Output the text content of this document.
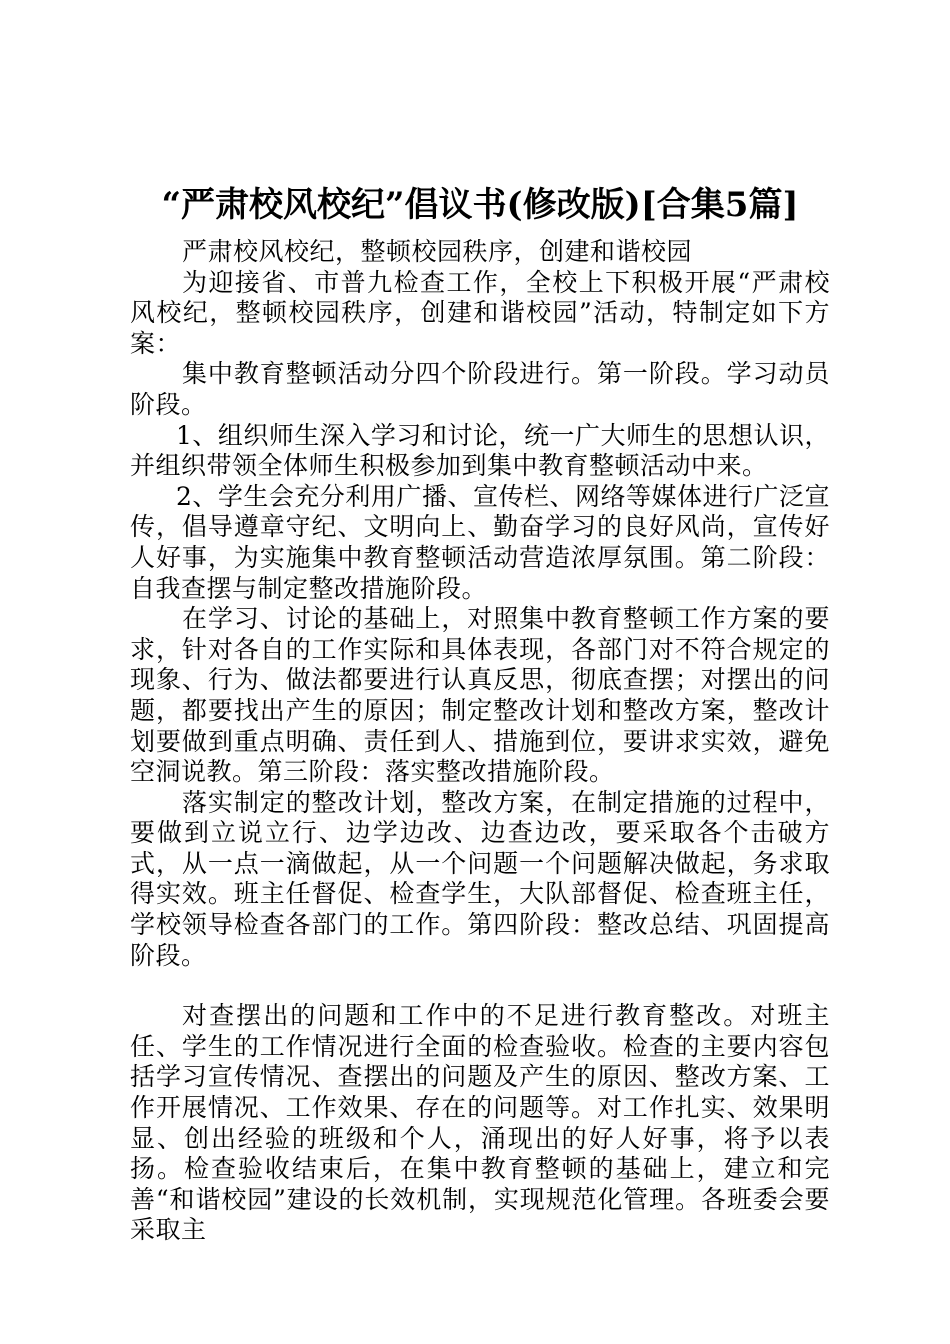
“严肃校风校纪”倡议书(修改版)[合集5篇]

严肃校风校纪，整顿校园秩序，创建和谐校园

为迎接省、市普九检查工作，全校上下积极开展“严肃校风校纪，整顿校园秩序，创建和谐校园”活动，特制定如下方案：

集中教育整顿活动分四个阶段进行。第一阶段。学习动员阶段。

1、组织师生深入学习和讨论，统一广大师生的思想认识，并组织带领全体师生积极参加到集中教育整顿活动中来。

2、学生会充分利用广播、宣传栏、网络等媒体进行广泛宣传，倡导遵章守纪、文明向上、勤奋学习的良好风尚，宣传好人好事，为实施集中教育整顿活动营造浓厚氛围。第二阶段：自我查摆与制定整改措施阶段。

在学习、讨论的基础上，对照集中教育整顿工作方案的要求，针对各自的工作实际和具体表现，各部门对不符合规定的现象、行为、做法都要进行认真反思，彻底查摆；对摆出的问题，都要找出产生的原因；制定整改计划和整改方案，整改计划要做到重点明确、责任到人、措施到位，要讲求实效，避免空洞说教。第三阶段：落实整改措施阶段。

落实制定的整改计划，整改方案，在制定措施的过程中，要做到立说立行、边学边改、边查边改，要采取各个击破方式，从一点一滴做起，从一个问题一个问题解决做起，务求取得实效。班主任督促、检查学生，大队部督促、检查班主任，学校领导检查各部门的工作。第四阶段：整改总结、巩固提高阶段。

对查摆出的问题和工作中的不足进行教育整改。对班主任、学生的工作情况进行全面的检查验收。检查的主要内容包括学习宣传情况、查摆出的问题及产生的原因、整改方案、工作开展情况、工作效果、存在的问题等。对工作扎实、效果明显、创出经验的班级和个人，涌现出的好人好事，将予以表扬。检查验收结束后，在集中教育整顿的基础上，建立和完善“和谐校园”建设的长效机制，实现规范化管理。各班委会要采取主
